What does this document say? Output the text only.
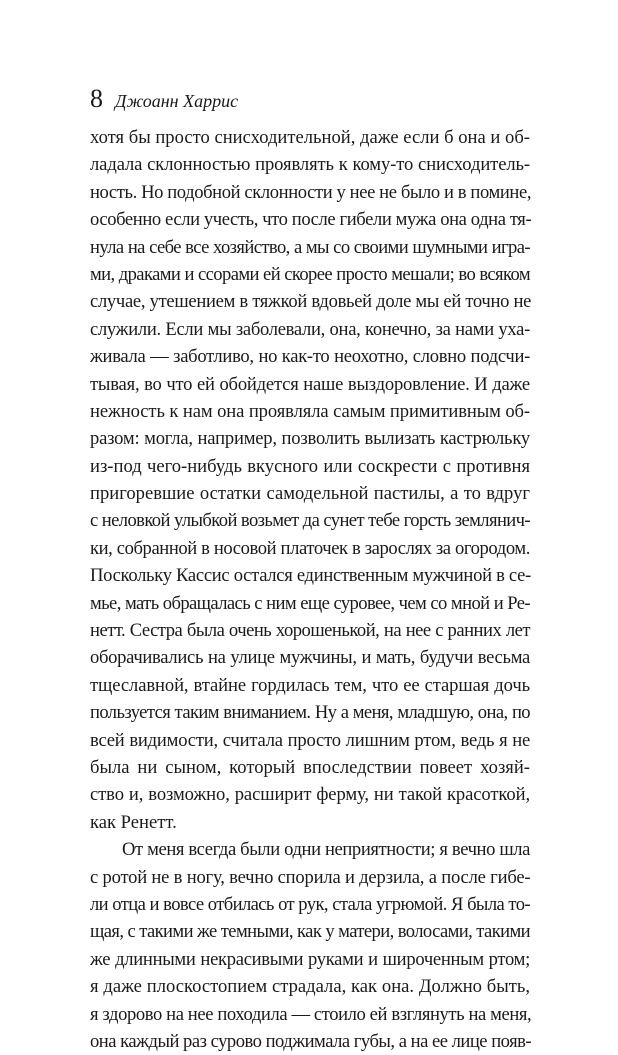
8 Джоанн Харрис
хотя бы просто снисходительной, даже если б она и об-
ладала склонностью проявлять к кому-то снисходитель-
ность. Но подобной склонности у нее не было и в помине,
особенно если учесть, что после гибели мужа она одна тя-
нула на себе все хозяйство, а мы со своими шумными игра-
ми, драками и ссорами ей скорее просто мешали; во всяком
случае, утешением в тяжкой вдовьей доле мы ей точно не
служили. Если мы заболевали, она, конечно, за нами уха-
живала — заботливо, но как-то неохотно, словно подсчи-
тывая, во что ей обойдется наше выздоровление. И даже
нежность к нам она проявляла самым примитивным об-
разом: могла, например, позволить вылизать кастрюльку
из-под чего-нибудь вкусного или соскрести с противня
пригоревшие остатки самодельной пастилы, а то вдруг
с неловкой улыбкой возьмет да сунет тебе горсть землянич-
ки, собранной в носовой платочек в зарослях за огородом.
Поскольку Кассис остался единственным мужчиной в се-
мье, мать обращалась с ним еще суровее, чем со мной и Ре-
нетт. Сестра была очень хорошенькой, на нее с ранних лет
оборачивались на улице мужчины, и мать, будучи весьма
тщеславной, втайне гордилась тем, что ее старшая дочь
пользуется таким вниманием. Ну а меня, младшую, она, по
всей видимости, считала просто лишним ртом, ведь я не
была ни сыном, который впоследствии повеет хозяй-
ство и, возможно, расширит ферму, ни такой красоткой,
как Ренетт.
От меня всегда были одни неприятности; я вечно шла
с ротой не в ногу, вечно спорила и дерзила, а после гибе-
ли отца и вовсе отбилась от рук, стала угрюмой. Я была то-
щая, с такими же темными, как у матери, волосами, такими
же длинными некрасивыми руками и широченным ртом;
я даже плоскостопием страдала, как она. Должно быть,
я здорово на нее походила — стоило ей взглянуть на меня,
она каждый раз сурово поджимала губы, а на ее лице появ-
